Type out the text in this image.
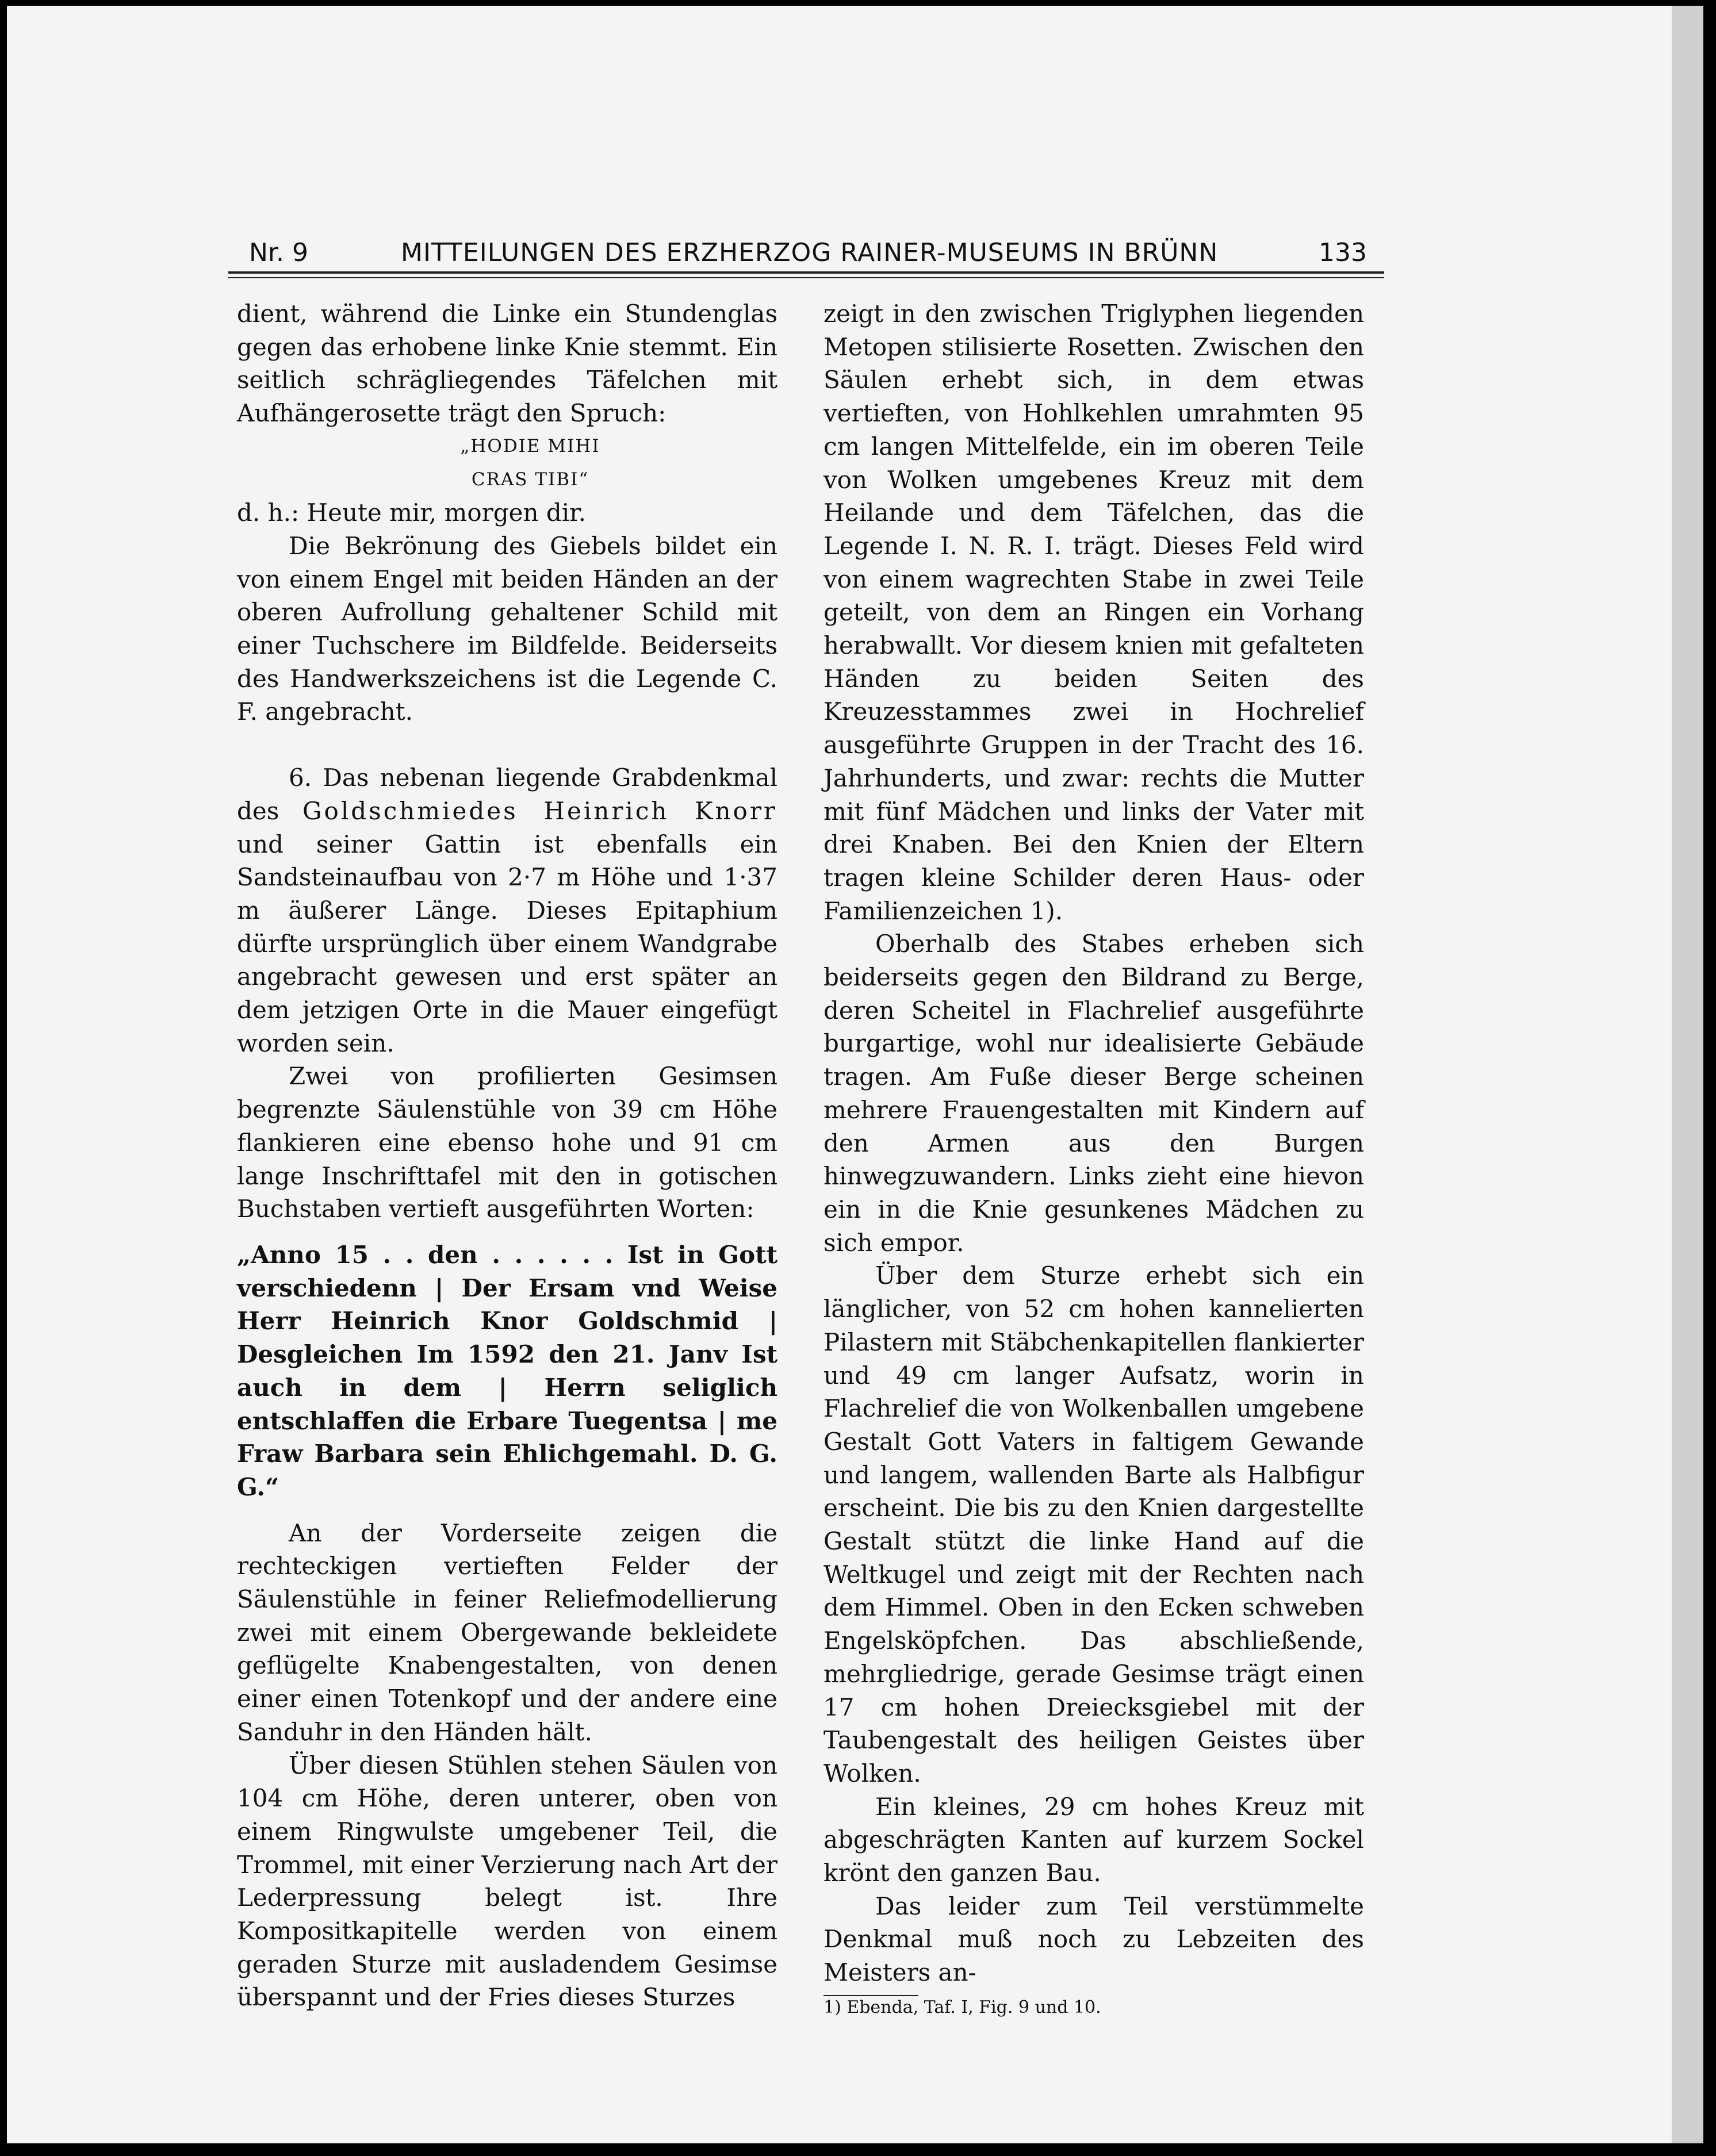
Nr. 9	MITTEILUNGEN DES ERZHERZOG RAINER-MUSEUMS IN BRÜNN	133

dient, während die Linke ein Stundenglas gegen das erhobene linke Knie stemmt. Ein seitlich schrägliegendes Täfelchen mit Aufhängerosette trägt den Spruch:

„HODIE MIHI

CRAS TIBI“

d. h.: Heute mir, morgen dir.

Die Bekrönung des Giebels bildet ein von einem Engel mit beiden Händen an der oberen Aufrollung gehaltener Schild mit einer Tuchschere im Bildfelde. Beiderseits des Handwerkszeichens ist die Legende C. F. angebracht.

6. Das nebenan liegende Grabdenkmal des Goldschmiedes Heinrich Knorr und seiner Gattin ist ebenfalls ein Sandsteinaufbau von 2·7 m Höhe und 1·37 m äußerer Länge. Dieses Epitaphium dürfte ursprünglich über einem Wandgrabe angebracht gewesen und erst später an dem jetzigen Orte in die Mauer eingefügt worden sein.

Zwei von profilierten Gesimsen begrenzte Säulenstühle von 39 cm Höhe flankieren eine ebenso hohe und 91 cm lange Inschrifttafel mit den in gotischen Buchstaben vertieft ausgeführten Worten:

„Anno 15 . . den . . . . . . Ist in Gott verschiedenn | Der Ersam vnd Weise Herr Heinrich Knor Goldschmid | Desgleichen Im 1592 den 21. Janv Ist auch in dem | Herrn seliglich entschlaffen die Erbare Tuegentsa | me Fraw Barbara sein Ehlichgemahl. D. G. G.“

An der Vorderseite zeigen die rechteckigen vertieften Felder der Säulenstühle in feiner Reliefmodellierung zwei mit einem Obergewande bekleidete geflügelte Knabengestalten, von denen einer einen Totenkopf und der andere eine Sanduhr in den Händen hält.

Über diesen Stühlen stehen Säulen von 104 cm Höhe, deren unterer, oben von einem Ringwulste umgebener Teil, die Trommel, mit einer Verzierung nach Art der Lederpressung belegt ist. Ihre Kompositkapitelle werden von einem geraden Sturze mit ausladendem Gesimse überspannt und der Fries dieses Sturzes

zeigt in den zwischen Triglyphen liegenden Metopen stilisierte Rosetten. Zwischen den Säulen erhebt sich, in dem etwas vertieften, von Hohlkehlen umrahmten 95 cm langen Mittelfelde, ein im oberen Teile von Wolken umgebenes Kreuz mit dem Heilande und dem Täfelchen, das die Legende I. N. R. I. trägt. Dieses Feld wird von einem wagrechten Stabe in zwei Teile geteilt, von dem an Ringen ein Vorhang herabwallt. Vor diesem knien mit gefalteten Händen zu beiden Seiten des Kreuzesstammes zwei in Hochrelief ausgeführte Gruppen in der Tracht des 16. Jahrhunderts, und zwar: rechts die Mutter mit fünf Mädchen und links der Vater mit drei Knaben. Bei den Knien der Eltern tragen kleine Schilder deren Haus- oder Familienzeichen 1).

Oberhalb des Stabes erheben sich beiderseits gegen den Bildrand zu Berge, deren Scheitel in Flachrelief ausgeführte burgartige, wohl nur idealisierte Gebäude tragen. Am Fuße dieser Berge scheinen mehrere Frauengestalten mit Kindern auf den Armen aus den Burgen hinwegzuwandern. Links zieht eine hievon ein in die Knie gesunkenes Mädchen zu sich empor.

Über dem Sturze erhebt sich ein länglicher, von 52 cm hohen kannelierten Pilastern mit Stäbchenkapitellen flankierter und 49 cm langer Aufsatz, worin in Flachrelief die von Wolkenballen umgebene Gestalt Gott Vaters in faltigem Gewande und langem, wallenden Barte als Halbfigur erscheint. Die bis zu den Knien dargestellte Gestalt stützt die linke Hand auf die Weltkugel und zeigt mit der Rechten nach dem Himmel. Oben in den Ecken schweben Engelsköpfchen. Das abschließende, mehrgliedrige, gerade Gesimse trägt einen 17 cm hohen Dreiecksgiebel mit der Taubengestalt des heiligen Geistes über Wolken.

Ein kleines, 29 cm hohes Kreuz mit abgeschrägten Kanten auf kurzem Sockel krönt den ganzen Bau.

Das leider zum Teil verstümmelte Denkmal muß noch zu Lebzeiten des Meisters an-

1) Ebenda, Taf. I, Fig. 9 und 10.
